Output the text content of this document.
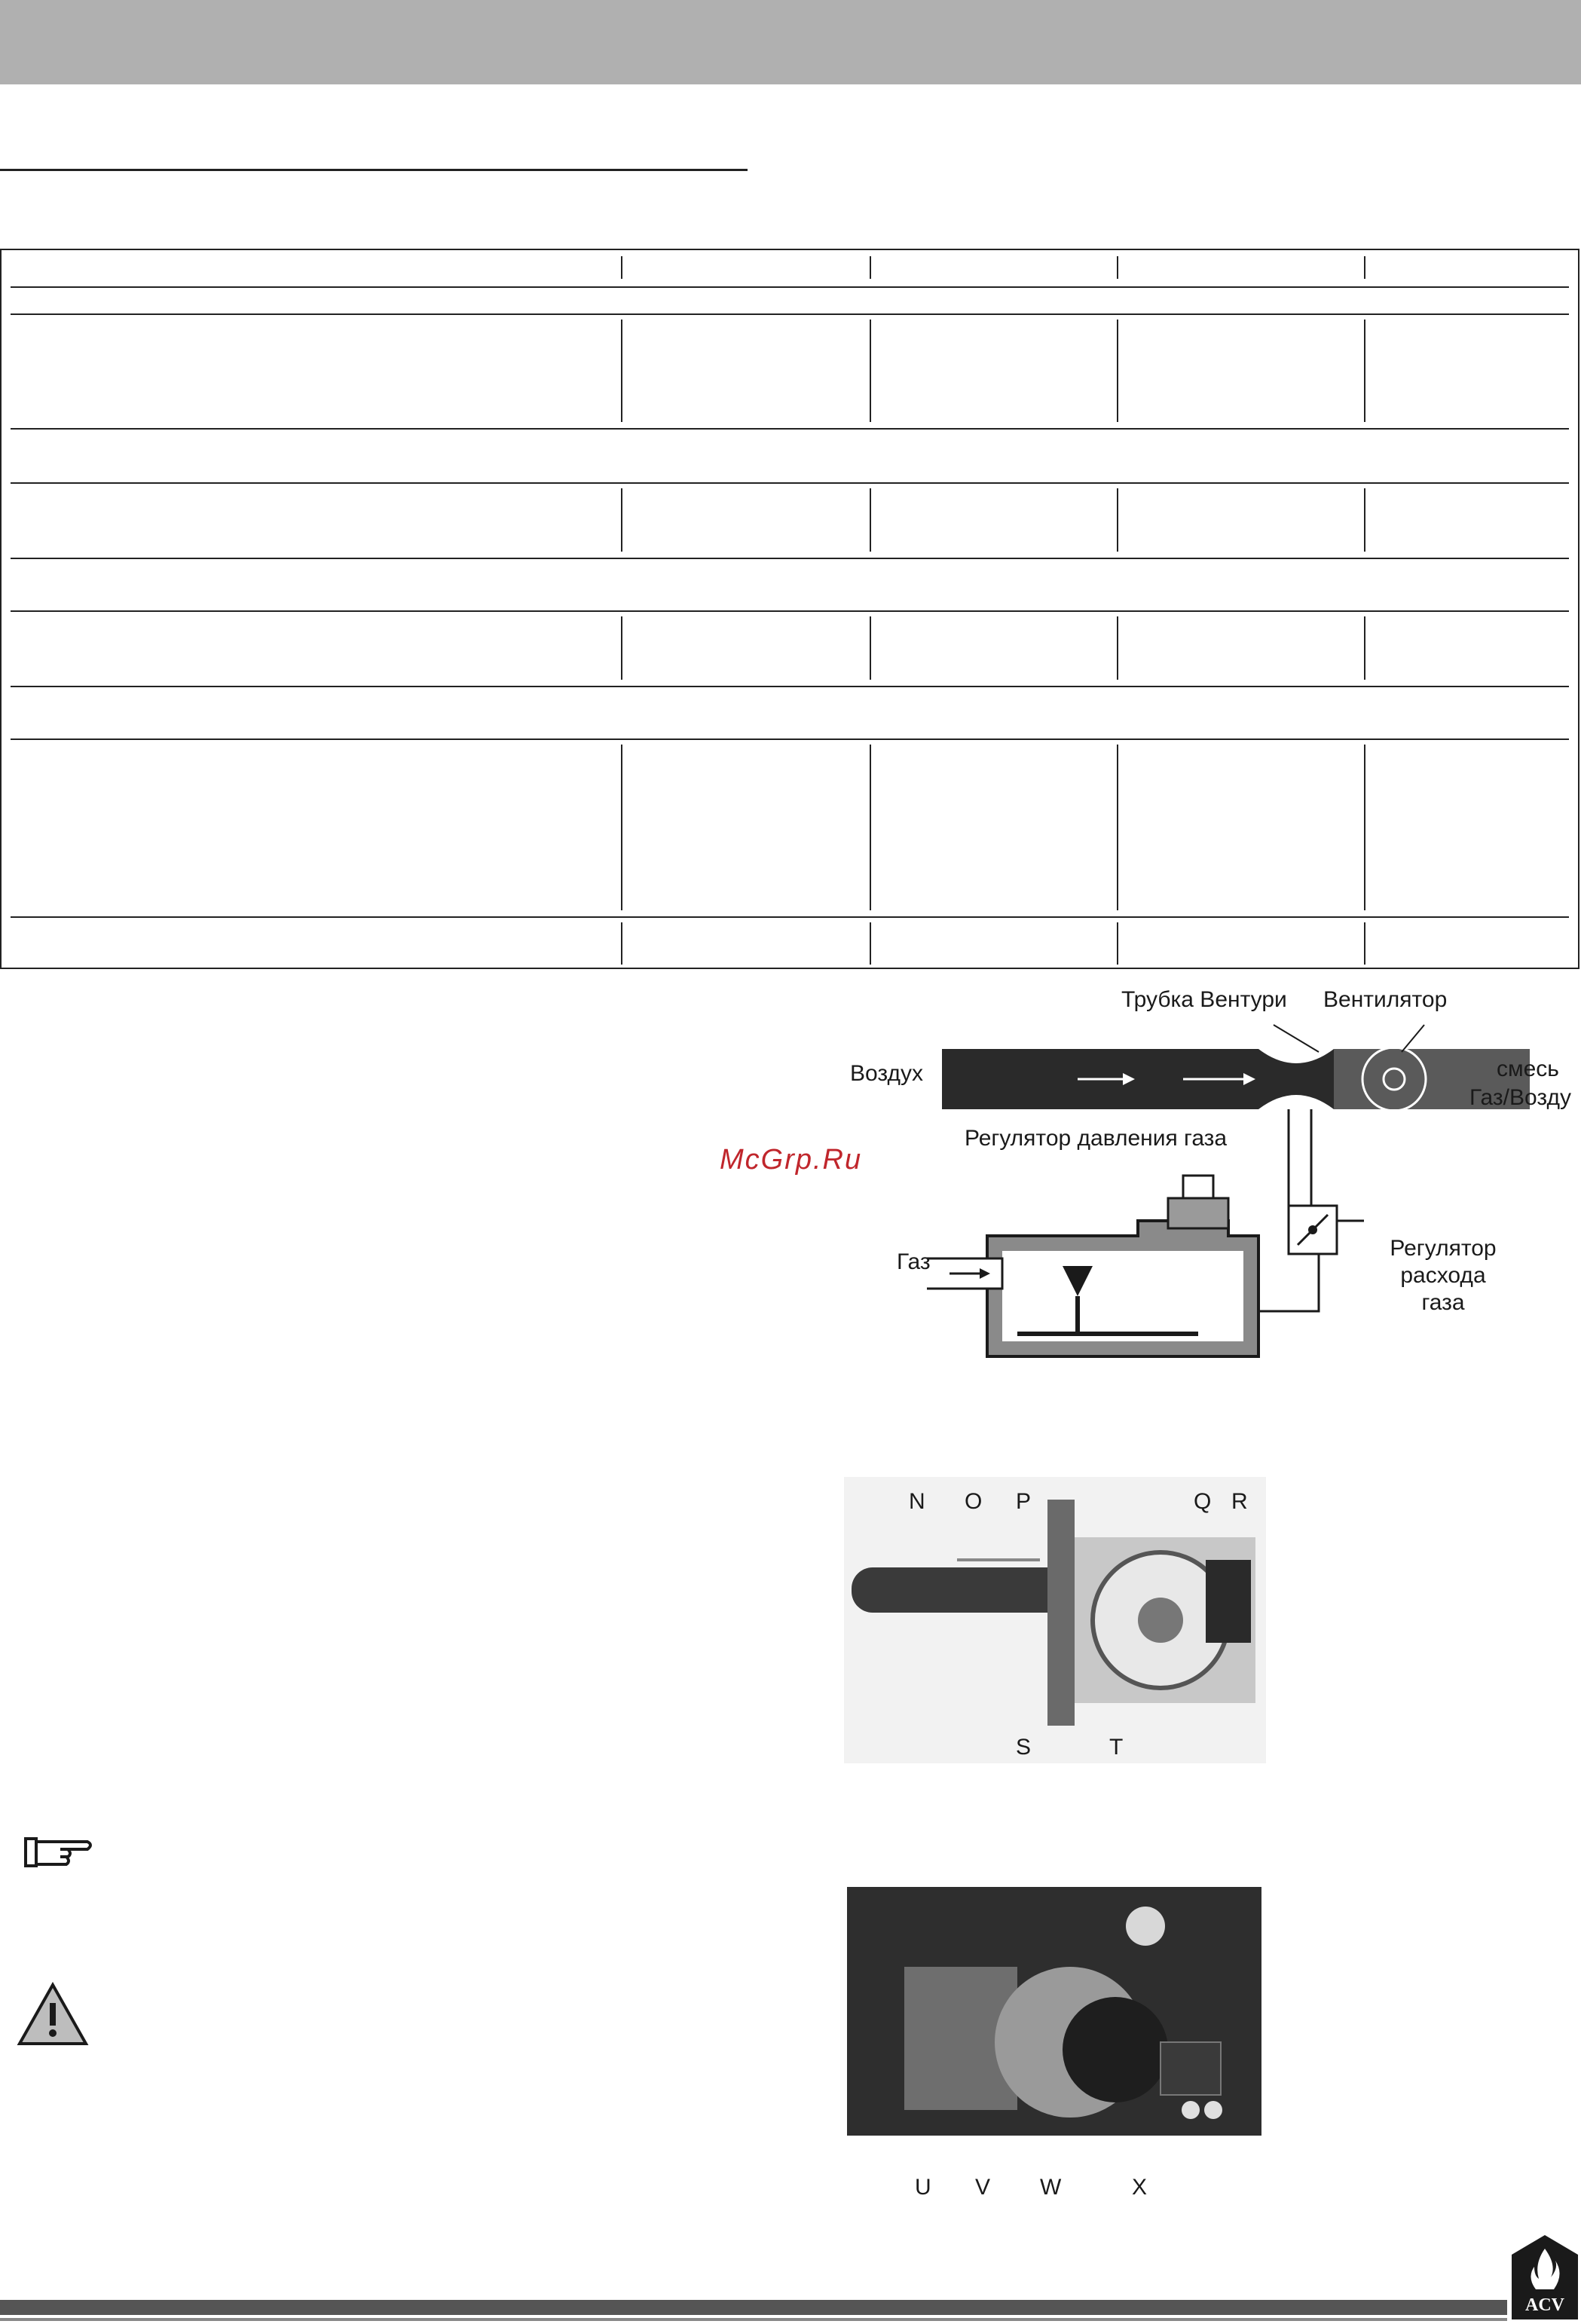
Трубка Вентури Вентилятор
Воздух	смесь
Газ/Возду
Регулятор давления газа
Газ
Регулятор
расхода
газа
McGrp.Ru
N O P	Q R
S	T
U V W	X
ACV
